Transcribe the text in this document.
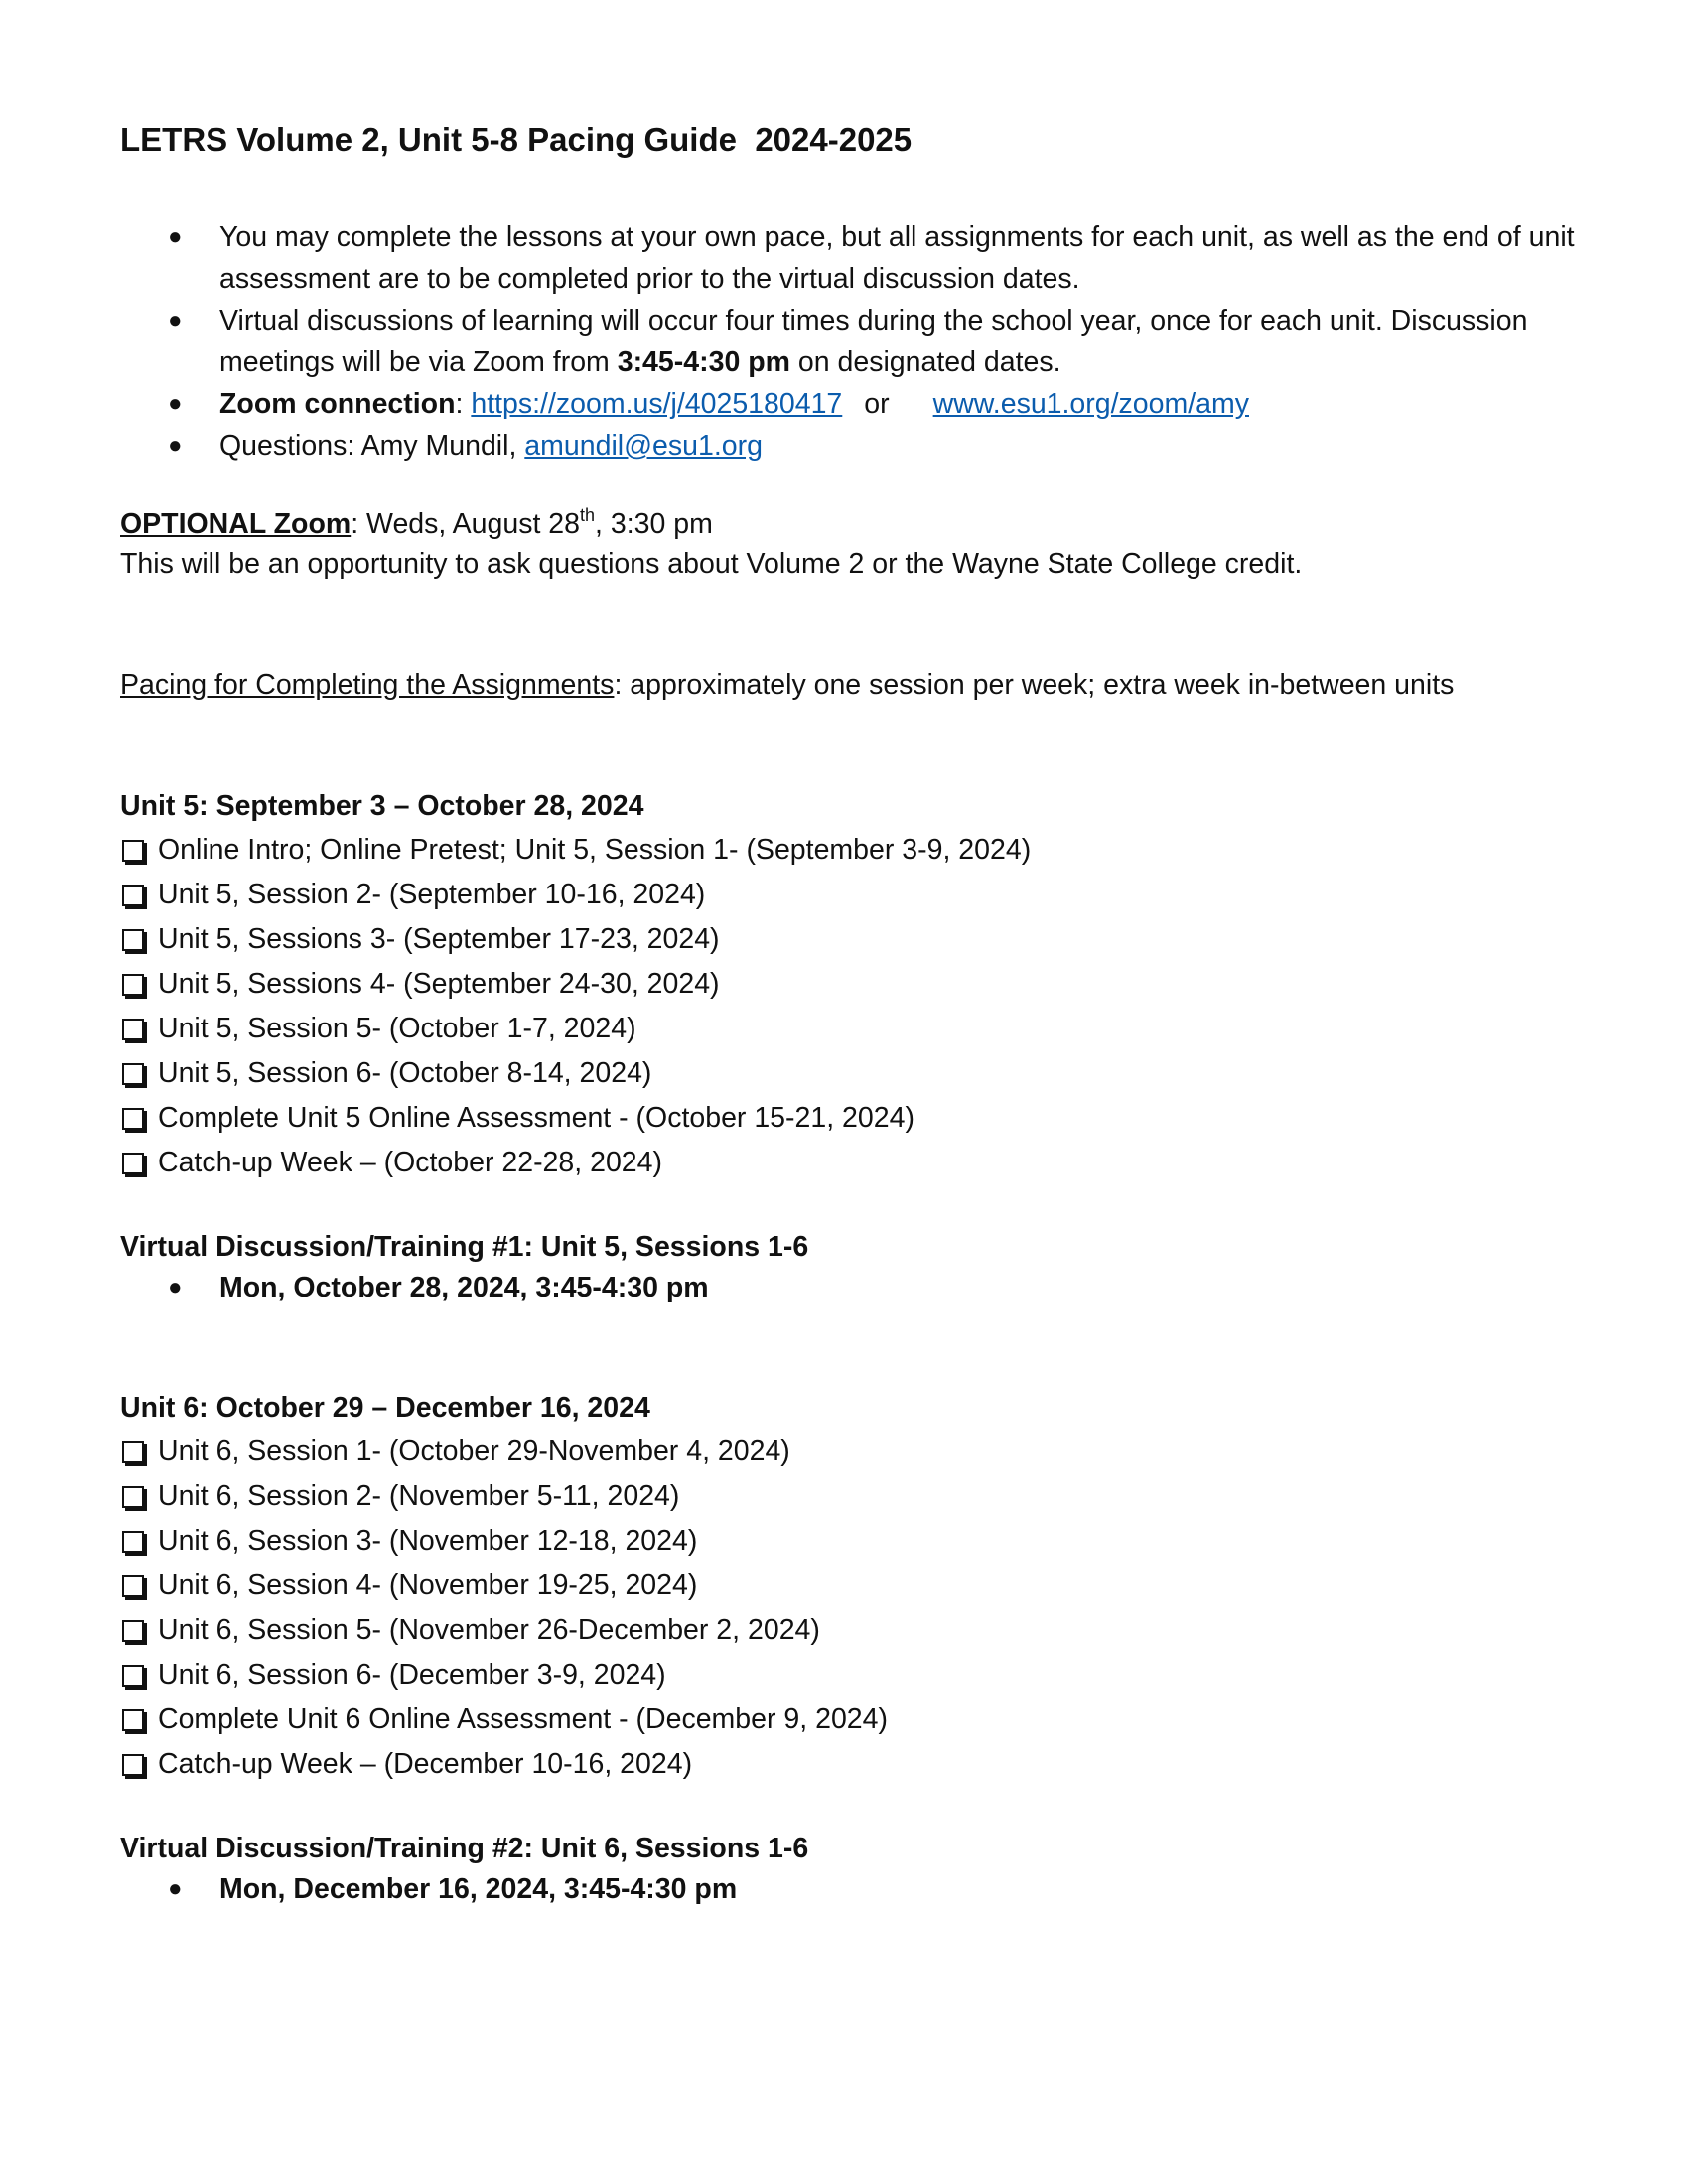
LETRS Volume 2, Unit 5-8 Pacing Guide  2024-2025
● You may complete the lessons at your own pace, but all assignments for each unit, as well as the end of unit assessment are to be completed prior to the virtual discussion dates.
● Virtual discussions of learning will occur four times during the school year, once for each unit. Discussion meetings will be via Zoom from 3:45-4:30 pm on designated dates.
● Zoom connection: https://zoom.us/j/4025180417 or www.esu1.org/zoom/amy
● Questions: Amy Mundil, amundil@esu1.org
OPTIONAL Zoom: Weds, August 28th, 3:30 pm
This will be an opportunity to ask questions about Volume 2 or the Wayne State College credit.
Pacing for Completing the Assignments: approximately one session per week; extra week in-between units
Unit 5: September 3 – October 28, 2024
Online Intro; Online Pretest; Unit 5, Session 1- (September 3-9, 2024)
Unit 5, Session 2- (September 10-16, 2024)
Unit 5, Sessions 3- (September 17-23, 2024)
Unit 5, Sessions 4- (September 24-30, 2024)
Unit 5, Session 5- (October 1-7, 2024)
Unit 5, Session 6- (October 8-14, 2024)
Complete Unit 5 Online Assessment - (October 15-21, 2024)
Catch-up Week – (October 22-28, 2024)
Virtual Discussion/Training #1: Unit 5, Sessions 1-6
● Mon, October 28, 2024, 3:45-4:30 pm
Unit 6: October 29 – December 16, 2024
Unit 6, Session 1- (October 29-November 4, 2024)
Unit 6, Session 2- (November 5-11, 2024)
Unit 6, Session 3- (November 12-18, 2024)
Unit 6, Session 4- (November 19-25, 2024)
Unit 6, Session 5- (November 26-December 2, 2024)
Unit 6, Session 6- (December 3-9, 2024)
Complete Unit 6 Online Assessment - (December 9, 2024)
Catch-up Week – (December 10-16, 2024)
Virtual Discussion/Training #2: Unit 6, Sessions 1-6
● Mon, December 16, 2024, 3:45-4:30 pm
